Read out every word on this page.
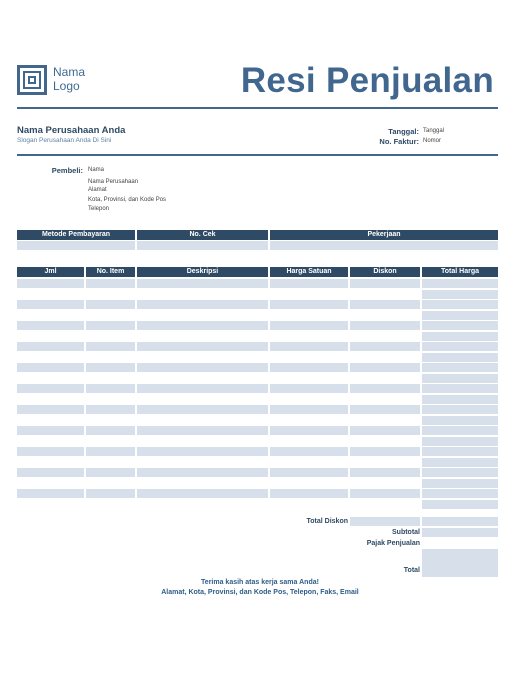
Nama
Logo	Resi Penjualan
Nama Perusahaan Anda
Slogan Perusahaan Anda Di Sini
Tanggal: Tanggal
No. Faktur: Nomor
Pembeli: Nama
Nama Perusahaan
Alamat
Kota, Provinsi, dan Kode Pos
Telepon
Metode Pembayaran	No. Cek	Pekerjaan
Jml	No. Item	Deskripsi	Harga Satuan	Diskon	Total Harga
Total Diskon
Subtotal
Pajak Penjualan
Total
Terima kasih atas kerja sama Anda!
Alamat, Kota, Provinsi, dan Kode Pos, Telepon, Faks, Email
